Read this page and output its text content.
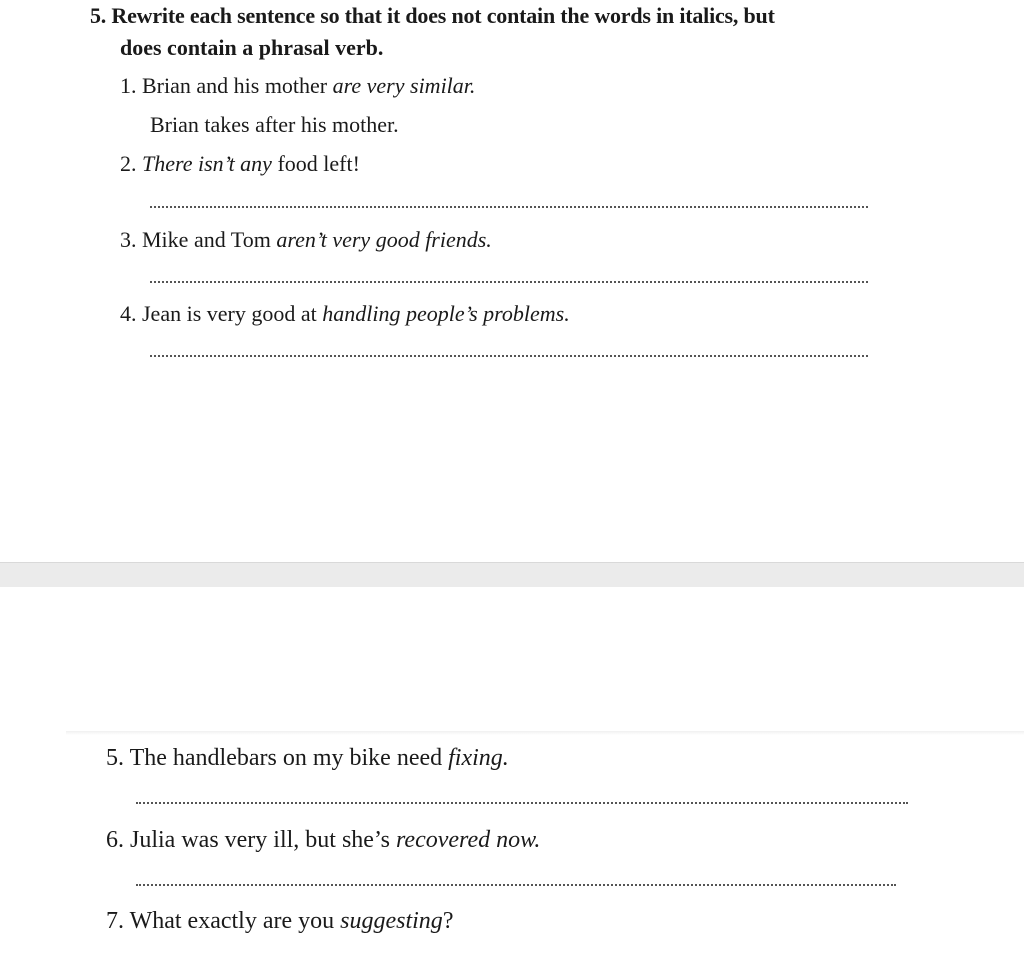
5. Rewrite each sentence so that it does not contain the words in italics, but
does contain a phrasal verb.
1. Brian and his mother are very similar.
Brian takes after his mother.
2. There isn’t any food left!
3. Mike and Tom aren’t very good friends.
4. Jean is very good at handling people’s problems.
5. The handlebars on my bike need fixing.
6. Julia was very ill, but she’s recovered now.
7. What exactly are you suggesting?
